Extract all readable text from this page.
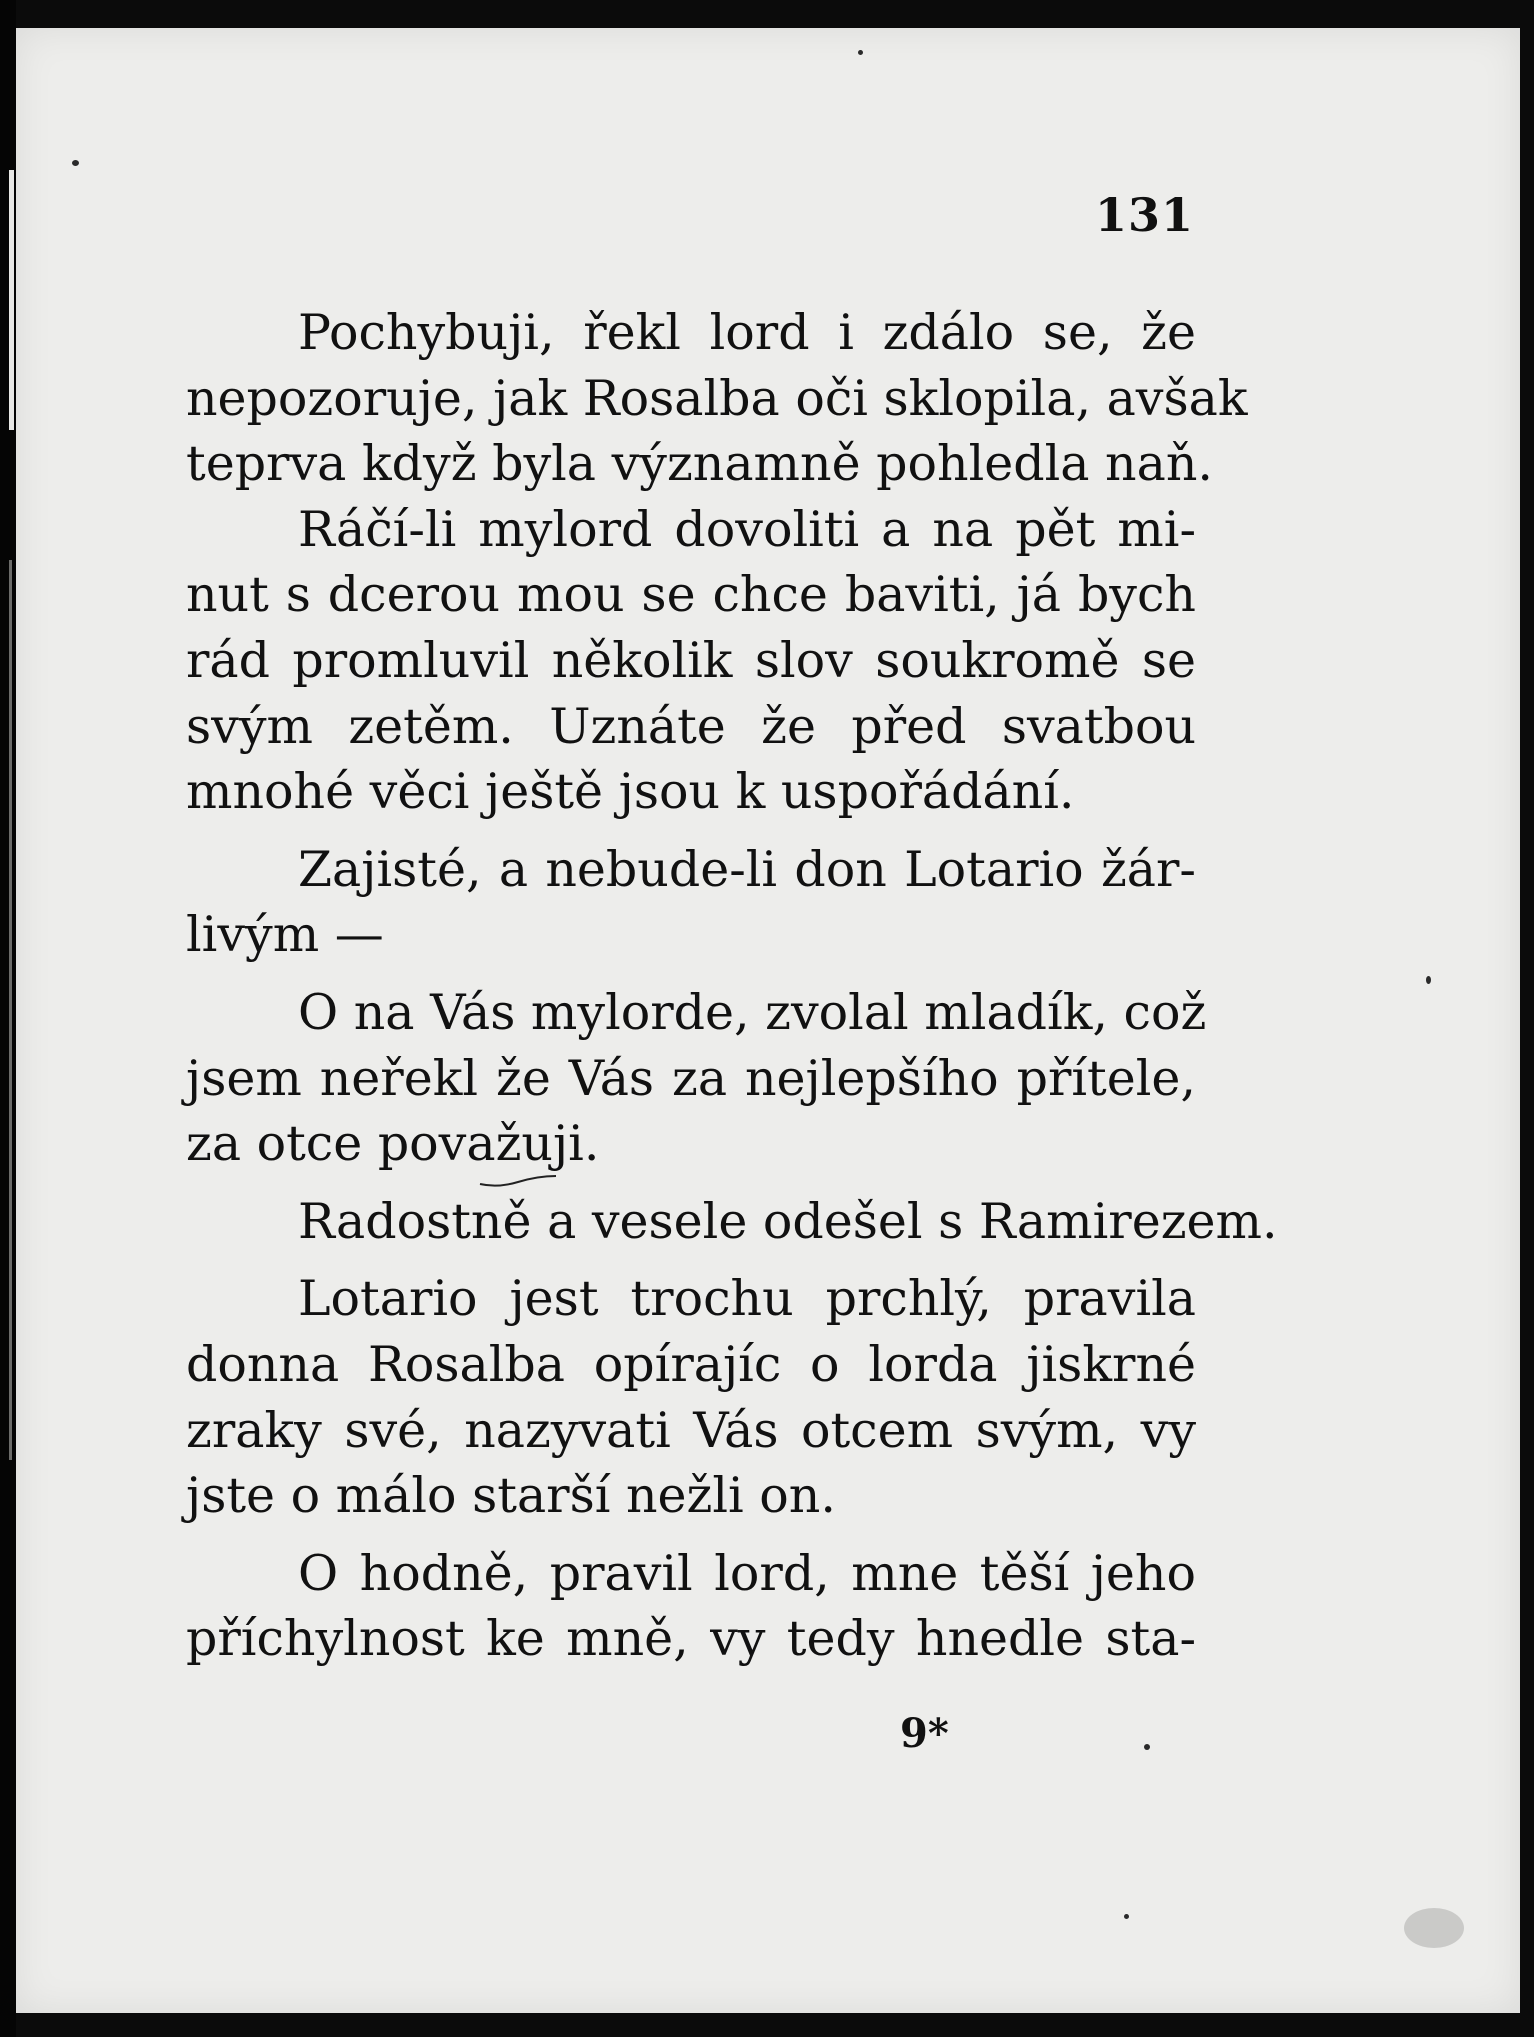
131
Pochybuji, řekl lord i zdálo se, že
nepozoruje, jak Rosalba oči sklopila, avšak
teprva když byla významně pohledla naň.
Ráčí-li mylord dovoliti a na pět mi-
nut s dcerou mou se chce baviti, já bych
rád promluvil několik slov soukromě se
svým zetěm. Uznáte že před svatbou
mnohé věci ještě jsou k uspořádání.
Zajisté, a nebude-li don Lotario žár-
livým —
O na Vás mylorde, zvolal mladík, což
jsem neřekl že Vás za nejlepšího přítele,
za otce považuji.
Radostně a vesele odešel s Ramirezem.
Lotario jest trochu prchlý, pravila
donna Rosalba opírajíc o lorda jiskrné
zraky své, nazyvati Vás otcem svým, vy
jste o málo starší nežli on.
O hodně, pravil lord, mne těší jeho
příchylnost ke mně, vy tedy hnedle sta-
9*
